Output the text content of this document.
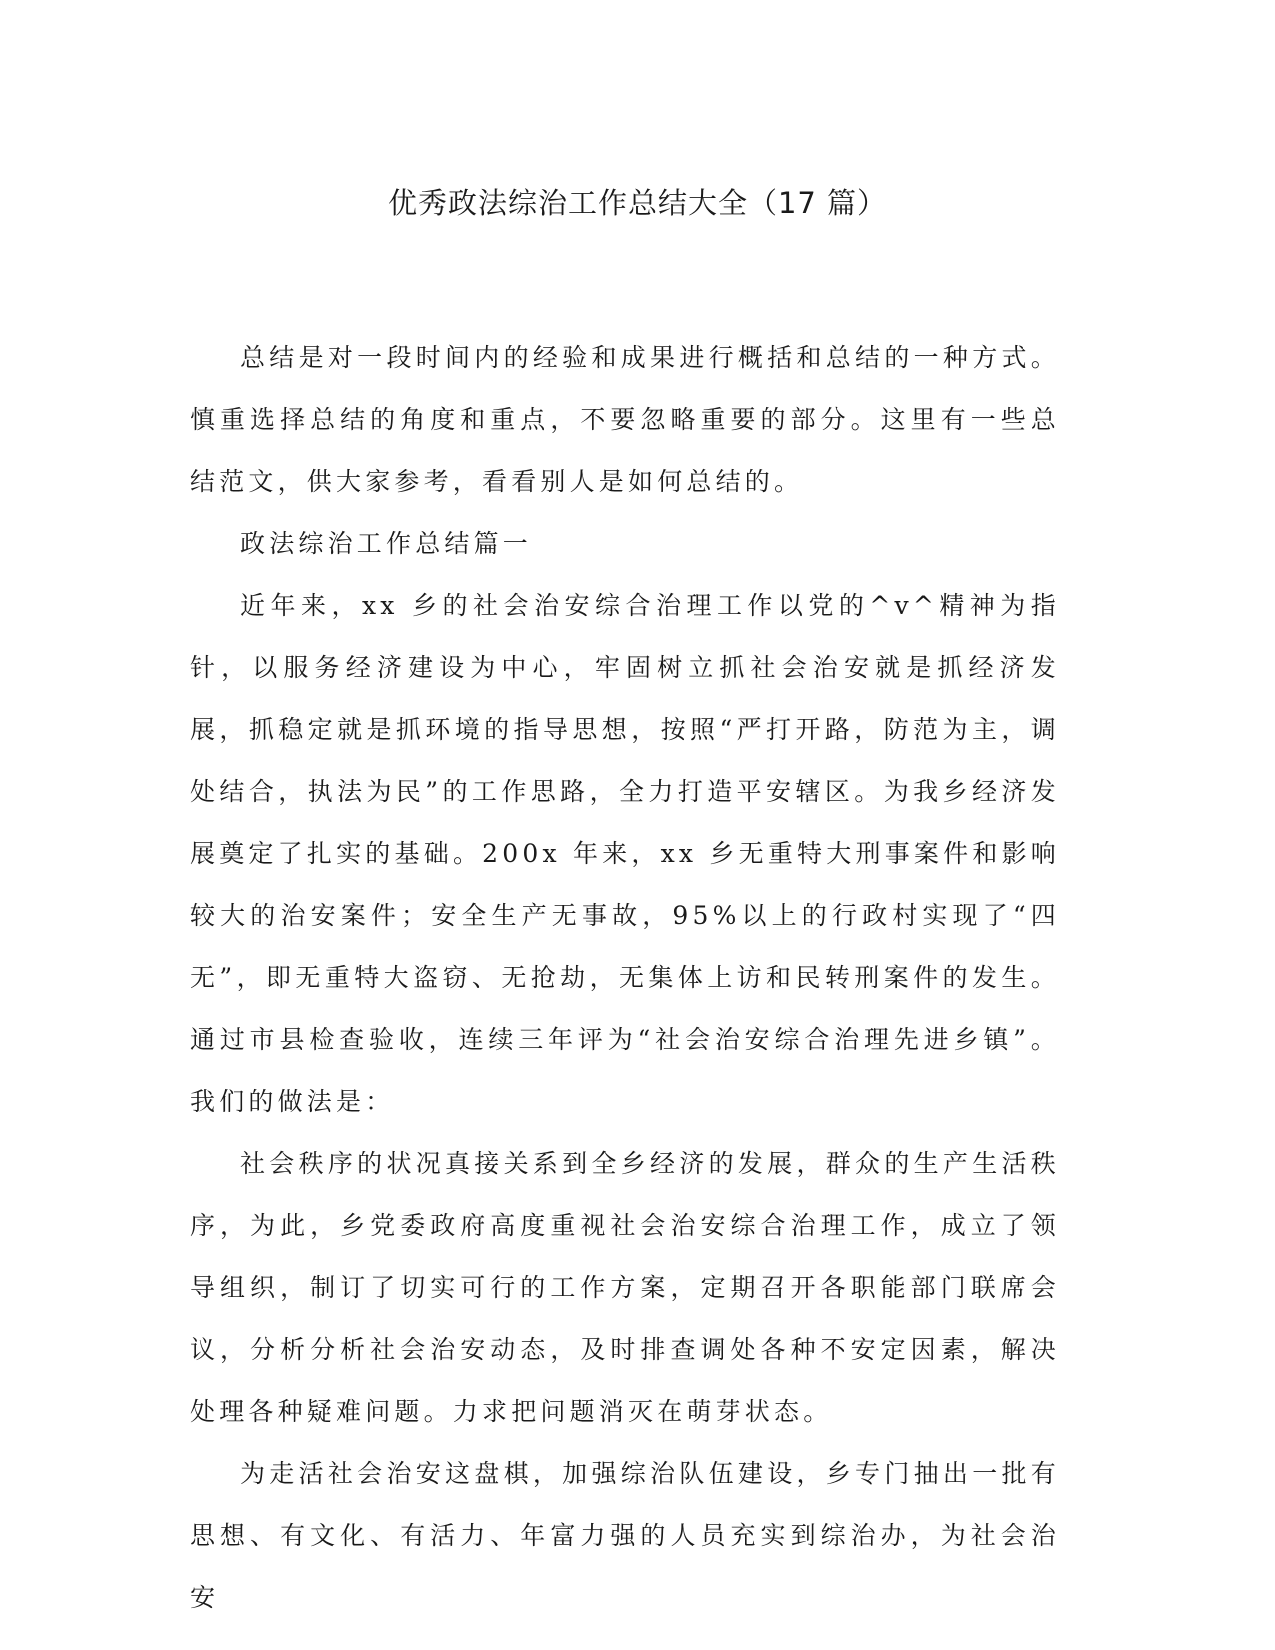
优秀政法综治工作总结大全（17 篇）

总结是对一段时间内的经验和成果进行概括和总结的一种方式。慎重选择总结的角度和重点，不要忽略重要的部分。这里有一些总结范文，供大家参考，看看别人是如何总结的。

政法综治工作总结篇一

近年来，xx 乡的社会治安综合治理工作以党的^v^精神为指针，以服务经济建设为中心，牢固树立抓社会治安就是抓经济发展，抓稳定就是抓环境的指导思想，按照“严打开路，防范为主，调处结合，执法为民”的工作思路，全力打造平安辖区。为我乡经济发展奠定了扎实的基础。200x 年来，xx 乡无重特大刑事案件和影响较大的治安案件；安全生产无事故，95%以上的行政村实现了“四无”，即无重特大盗窃、无抢劫，无集体上访和民转刑案件的发生。通过市县检查验收，连续三年评为“社会治安综合治理先进乡镇”。我们的做法是：

社会秩序的状况真接关系到全乡经济的发展，群众的生产生活秩序，为此，乡党委政府高度重视社会治安综合治理工作，成立了领导组织，制订了切实可行的工作方案，定期召开各职能部门联席会议，分析分析社会治安动态，及时排查调处各种不安定因素，解决处理各种疑难问题。力求把问题消灭在萌芽状态。

为走活社会治安这盘棋，加强综治队伍建设，乡专门抽出一批有思想、有文化、有活力、年富力强的人员充实到综治办，为社会治安
